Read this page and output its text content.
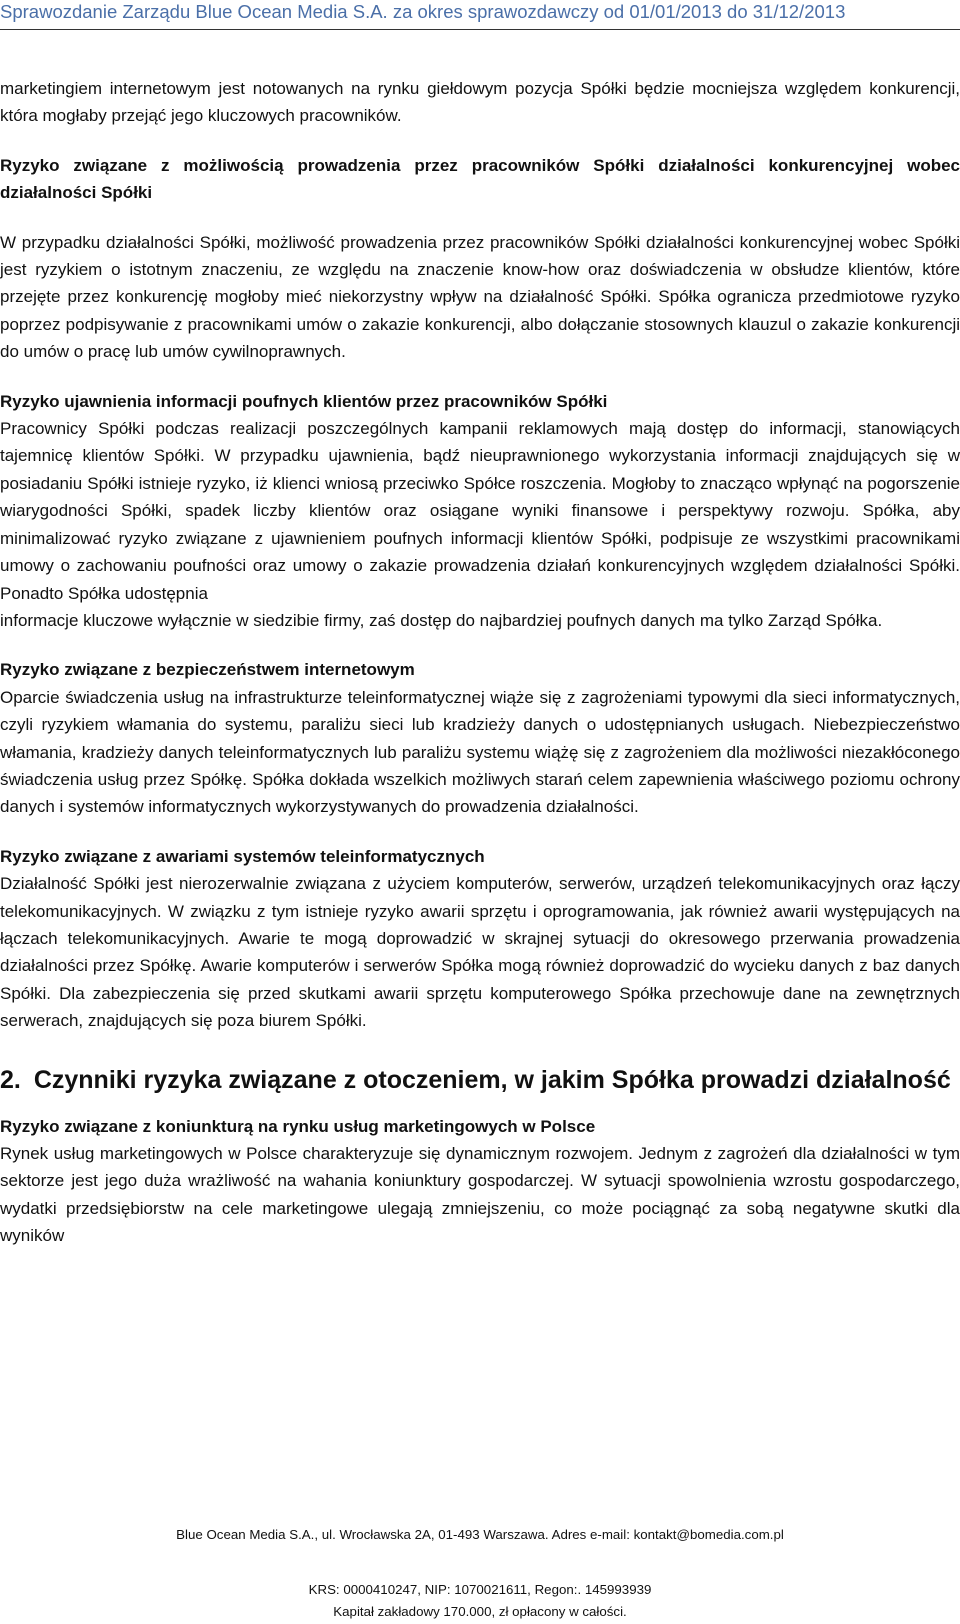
Sprawozdanie Zarządu Blue Ocean Media S.A. za okres sprawozdawczy od 01/01/2013 do 31/12/2013

marketingiem internetowym jest notowanych na rynku giełdowym pozycja Spółki będzie mocniejsza względem konkurencji, która mogłaby przejąć jego kluczowych pracowników.

Ryzyko związane z możliwością prowadzenia przez pracowników Spółki działalności konkurencyjnej wobec działalności Spółki

W przypadku działalności Spółki, możliwość prowadzenia przez pracowników Spółki działalności konkurencyjnej wobec Spółki jest ryzykiem o istotnym znaczeniu, ze względu na znaczenie know-how oraz doświadczenia w obsłudze klientów, które przejęte przez konkurencję mogłoby mieć niekorzystny wpływ na działalność Spółki. Spółka ogranicza przedmiotowe ryzyko poprzez podpisywanie z pracownikami umów o zakazie konkurencji, albo dołączanie stosownych klauzul o zakazie konkurencji do umów o pracę lub umów cywilnoprawnych.

Ryzyko ujawnienia informacji poufnych klientów przez pracowników Spółki

Pracownicy Spółki podczas realizacji poszczególnych kampanii reklamowych mają dostęp do informacji, stanowiących tajemnicę klientów Spółki. W przypadku ujawnienia, bądź nieuprawnionego wykorzystania informacji znajdujących się w posiadaniu Spółki istnieje ryzyko, iż klienci wniosą przeciwko Spółce roszczenia. Mogłoby to znacząco wpłynąć na pogorszenie wiarygodności Spółki, spadek liczby klientów oraz osiągane wyniki finansowe i perspektywy rozwoju. Spółka, aby minimalizować ryzyko związane z ujawnieniem poufnych informacji klientów Spółki, podpisuje ze wszystkimi pracownikami umowy o zachowaniu poufności oraz umowy o zakazie prowadzenia działań konkurencyjnych względem działalności Spółki. Ponadto Spółka udostępnia

informacje kluczowe wyłącznie w siedzibie firmy, zaś dostęp do najbardziej poufnych danych ma tylko Zarząd Spółka.

Ryzyko związane z bezpieczeństwem internetowym

Oparcie świadczenia usług na infrastrukturze teleinformatycznej wiąże się z zagrożeniami typowymi dla sieci informatycznych, czyli ryzykiem włamania do systemu, paraliżu sieci lub kradzieży danych o udostępnianych usługach. Niebezpieczeństwo włamania, kradzieży danych teleinformatycznych lub paraliżu systemu wiążę się z zagrożeniem dla możliwości niezakłóconego świadczenia usług przez Spółkę. Spółka dokłada wszelkich możliwych starań celem zapewnienia właściwego poziomu ochrony danych i systemów informatycznych wykorzystywanych do prowadzenia działalności.

Ryzyko związane z awariami systemów teleinformatycznych

Działalność Spółki jest nierozerwalnie związana z użyciem komputerów, serwerów, urządzeń telekomunikacyjnych oraz łączy telekomunikacyjnych. W związku z tym istnieje ryzyko awarii sprzętu i oprogramowania, jak również awarii występujących na łączach telekomunikacyjnych. Awarie te mogą doprowadzić w skrajnej sytuacji do okresowego przerwania prowadzenia działalności przez Spółkę. Awarie komputerów i serwerów Spółka mogą również doprowadzić do wycieku danych z baz danych Spółki. Dla zabezpieczenia się przed skutkami awarii sprzętu komputerowego Spółka przechowuje dane na zewnętrznych serwerach, znajdujących się poza biurem Spółki.

2. Czynniki ryzyka związane z otoczeniem, w jakim Spółka prowadzi działalność

Ryzyko związane z koniunkturą na rynku usług marketingowych w Polsce

Rynek usług marketingowych w Polsce charakteryzuje się dynamicznym rozwojem. Jednym z zagrożeń dla działalności w tym sektorze jest jego duża wrażliwość na wahania koniunktury gospodarczej. W sytuacji spowolnienia wzrostu gospodarczego, wydatki przedsiębiorstw na cele marketingowe ulegają zmniejszeniu, co może pociągnąć za sobą negatywne skutki dla wyników

Blue Ocean Media S.A., ul. Wrocławska 2A, 01-493 Warszawa. Adres e-mail: kontakt@bomedia.com.pl
KRS: 0000410247, NIP: 1070021611, Regon:. 145993939
Kapitał zakładowy 170.000, zł opłacony w całości.
